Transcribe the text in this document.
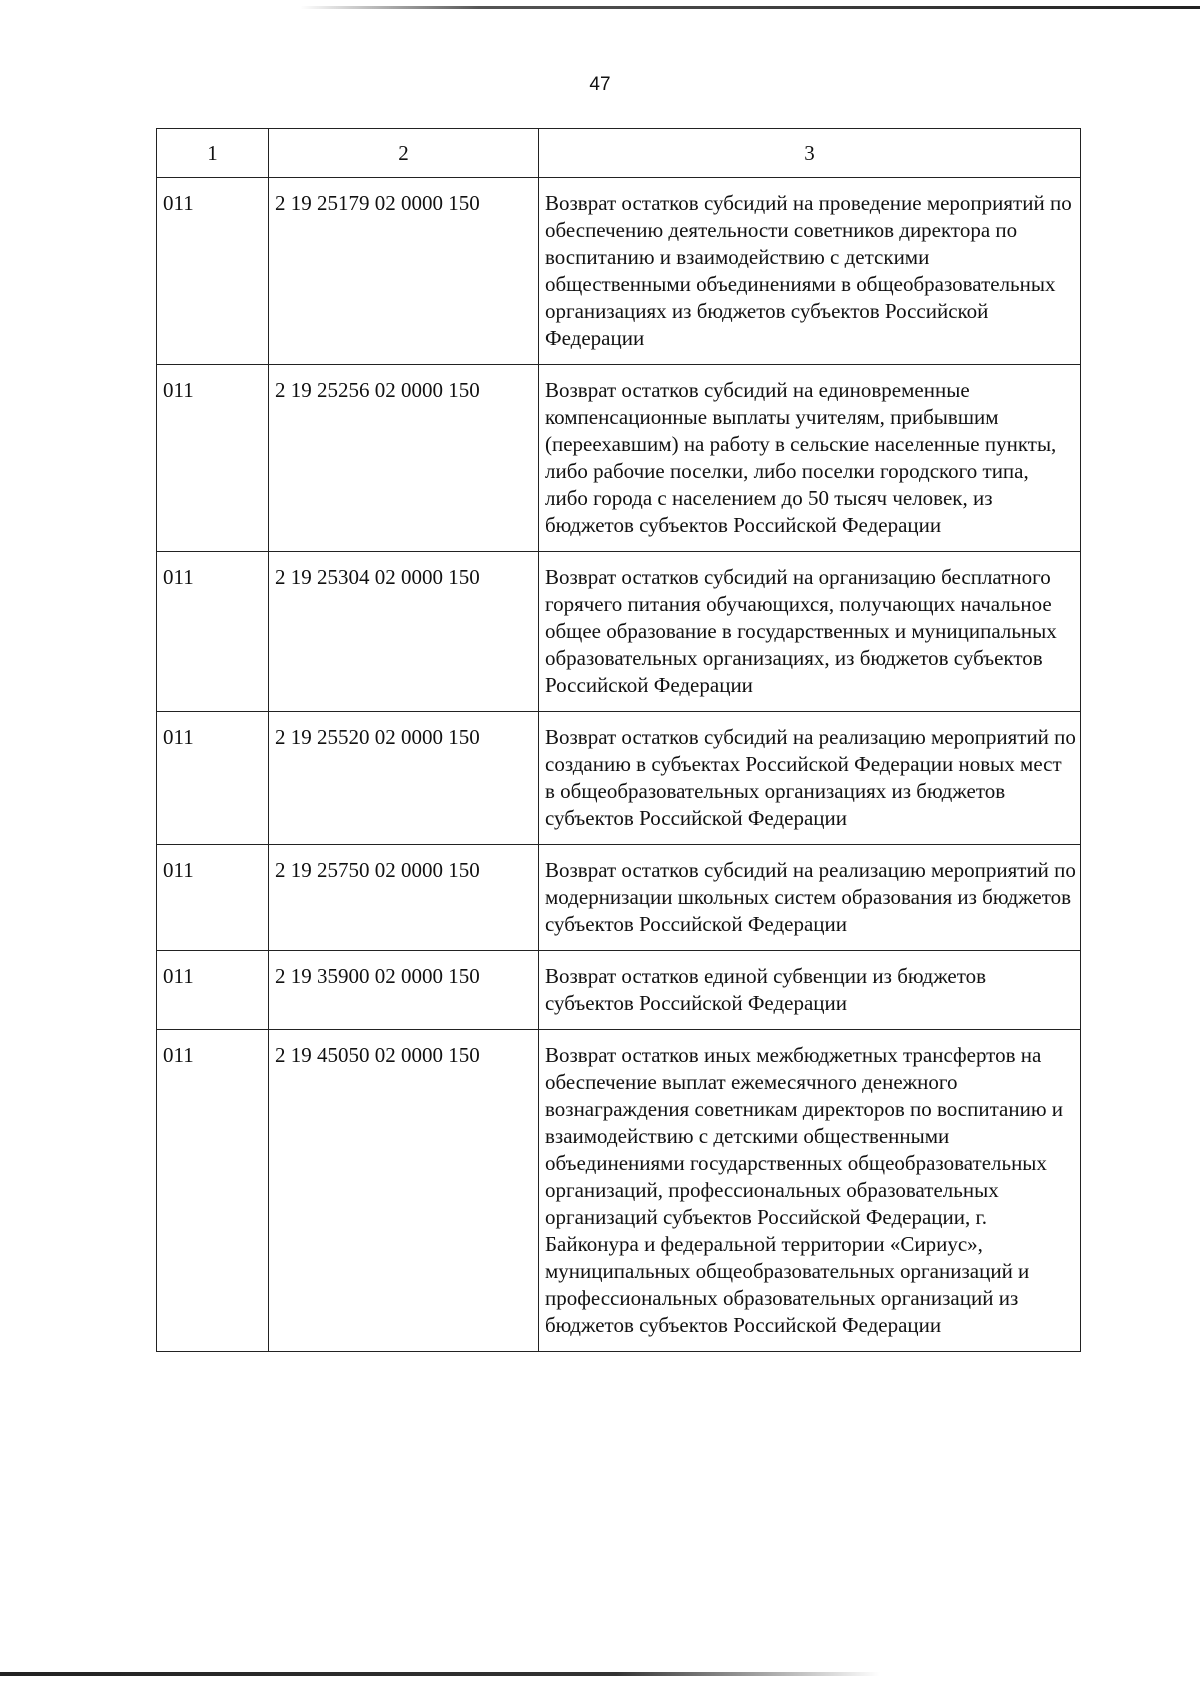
47
1	2	3
011	2 19 25179 02 0000 150	Возврат остатков субсидий на проведение мероприятий по обеспечению деятельности советников директора по воспитанию и взаимодействию с детскими общественными объединениями в общеобразовательных организациях из бюджетов субъектов Российской Федерации
011	2 19 25256 02 0000 150	Возврат остатков субсидий на единовременные компенсационные выплаты учителям, прибывшим (переехавшим) на работу в сельские населенные пункты, либо рабочие поселки, либо поселки городского типа, либо города с населением до 50 тысяч человек, из бюджетов субъектов Российской Федерации
011	2 19 25304 02 0000 150	Возврат остатков субсидий на организацию бесплатного горячего питания обучающихся, получающих начальное общее образование в государственных и муниципальных образовательных организациях, из бюджетов субъектов Российской Федерации
011	2 19 25520 02 0000 150	Возврат остатков субсидий на реализацию мероприятий по созданию в субъектах Российской Федерации новых мест в общеобразовательных организациях из бюджетов субъектов Российской Федерации
011	2 19 25750 02 0000 150	Возврат остатков субсидий на реализацию мероприятий по модернизации школьных систем образования из бюджетов субъектов Российской Федерации
011	2 19 35900 02 0000 150	Возврат остатков единой субвенции из бюджетов субъектов Российской Федерации
011	2 19 45050 02 0000 150	Возврат остатков иных межбюджетных трансфертов на обеспечение выплат ежемесячного денежного вознаграждения советникам директоров по воспитанию и взаимодействию с детскими общественными объединениями государственных общеобразовательных организаций, профессиональных образовательных организаций субъектов Российской Федерации, г. Байконура и федеральной территории «Сириус», муниципальных общеобразовательных организаций и профессиональных образовательных организаций из бюджетов субъектов Российской Федерации
